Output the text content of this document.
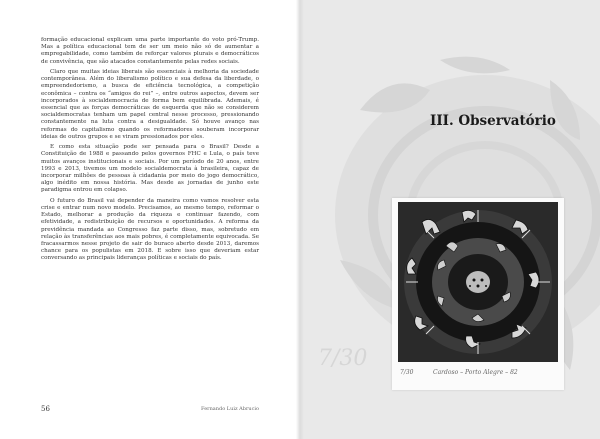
formação educacional explicam uma parte importante do voto pró-Trump. Mas a política educacional tem de ser um meio não só de aumentar a empregabilidade, como também de reforçar valores plurais e democráticos de convivência, que são atacados constantemente pelas redes sociais.

Claro que muitas ideias liberais são essenciais à melhoria da sociedade contemporânea. Além do liberalismo político e sua defesa da liberdade, o empreendedorismo, a busca de eficiência tecnológica, a competição econômica – contra os “amigos do rei” –, entre outros aspectos, devem ser incorporados à socialdemocracia de forma bem equilibrada. Ademais, é essencial que as forças democráticas de esquerda que não se considerem socialdemocratas tenham um papel central nesse processo, pressionando constantemente na luta contra a desigualdade. Só houve avanço nas reformas do capitalismo quando os reformadores souberam incorporar ideias de outros grupos e se viram pressionados por eles.

E como esta situação pode ser pensada para o Brasil? Desde a Constituição de 1988 e passando pelos governos FHC e Lula, o país teve muitos avanços institucionais e sociais. Por um período de 20 anos, entre 1993 e 2013, tivemos um modelo socialdemocrata à brasileira, capaz de incorporar milhões de pessoas à cidadania por meio do jogo democrático, algo inédito em nossa história. Mas desde as jornadas de junho este paradigma entrou em colapso.

O futuro do Brasil vai depender da maneira como vamos resolver esta crise e entrar num novo modelo. Precisamos, ao mesmo tempo, reformar o Estado, melhorar a produção da riqueza e continuar fazendo, com efetividade, a redistribuição de recursos e oportunidades. A reforma da previdência mandada ao Congresso faz parte disso, mas, sobretudo em relação às transferências aos mais pobres, é completamente equivocada. Se fracassarmos nesse projeto de sair do buraco aberto desde 2013, daremos chance para os populistas em 2018. E sobre isso que deveriam estar conversando as principais lideranças políticas e sociais do país.

56	Fernando Luiz Abrucio
7/30
III. Observatório
7/30	Cardoso – Porto Alegre – 82
